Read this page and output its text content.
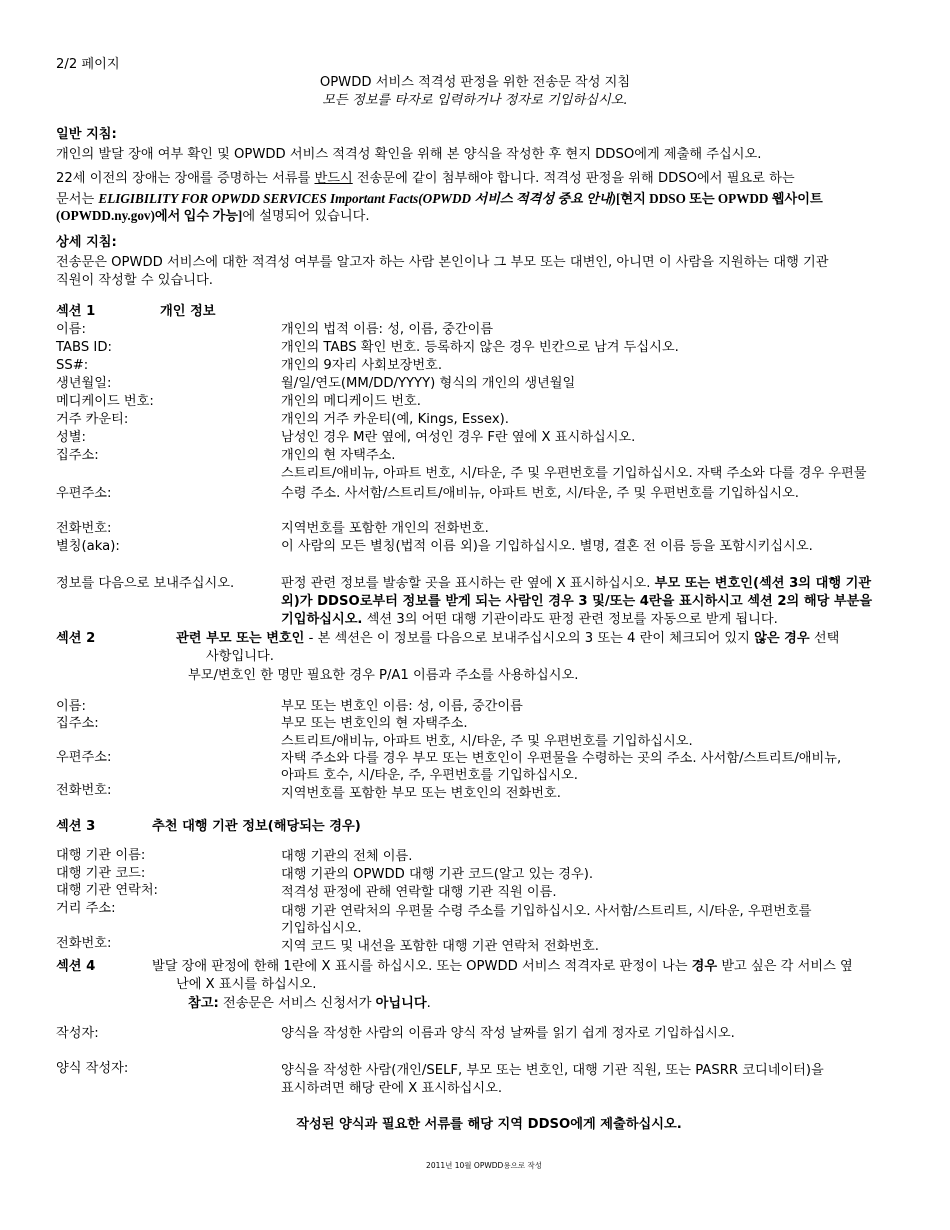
2/2 페이지
OPWDD 서비스 적격성 판정을 위한 전송문 작성 지침
모든 정보를 타자로 입력하거나 정자로 기입하십시오.
일반 지침:
개인의 발달 장애 여부 확인 및 OPWDD 서비스 적격성 확인을 위해 본 양식을 작성한 후 현지 DDSO에게 제출해 주십시오.
22세 이전의 장애는 장애를 증명하는 서류를 반드시 전송문에 같이 첨부해야 합니다. 적격성 판정을 위해 DDSO에서 필요로 하는
문서는 ELIGIBILITY FOR OPWDD SERVICES Important Facts(OPWDD 서비스 적격성 중요 안내)[현지 DDSO 또는 OPWDD 웹사이트
(OPWDD.ny.gov)에서 입수 가능]에 설명되어 있습니다.
상세 지침:
전송문은 OPWDD 서비스에 대한 적격성 여부를 알고자 하는 사람 본인이나 그 부모 또는 대변인, 아니면 이 사람을 지원하는 대행 기관
직원이 작성할 수 있습니다.
섹션 1	개인 정보
이름:	개인의 법적 이름: 성, 이름, 중간이름
TABS ID:	개인의 TABS 확인 번호. 등록하지 않은 경우 빈칸으로 남겨 두십시오.
SS#:	개인의 9자리 사회보장번호.
생년월일:	월/일/연도(MM/DD/YYYY) 형식의 개인의 생년월일
메디케이드 번호:	개인의 메디케이드 번호.
거주 카운티:	개인의 거주 카운티(예, Kings, Essex).
성별:	남성인 경우 M란 옆에, 여성인 경우 F란 옆에 X 표시하십시오.
집주소:	개인의 현 자택주소.
스트리트/애비뉴, 아파트 번호, 시/타운, 주 및 우편번호를 기입하십시오. 자택 주소와 다를 경우 우편물
우편주소:	수령 주소. 사서함/스트리트/애비뉴, 아파트 번호, 시/타운, 주 및 우편번호를 기입하십시오.
전화번호:	지역번호를 포함한 개인의 전화번호.
별칭(aka):	이 사람의 모든 별칭(법적 이름 외)을 기입하십시오. 별명, 결혼 전 이름 등을 포함시키십시오.
정보를 다음으로 보내주십시오.	판정 관련 정보를 발송할 곳을 표시하는 란 옆에 X 표시하십시오. 부모 또는 변호인(섹션 3의 대행 기관
외)가 DDSO로부터 정보를 받게 되는 사람인 경우 3 및/또는 4란을 표시하시고 섹션 2의 해당 부분을
기입하십시오. 섹션 3의 어떤 대행 기관이라도 판정 관련 정보를 자동으로 받게 됩니다.
섹션 2	관련 부모 또는 변호인 - 본 섹션은 이 정보를 다음으로 보내주십시오의 3 또는 4 란이 체크되어 있지 않은 경우 선택
사항입니다.
부모/변호인 한 명만 필요한 경우 P/A1 이름과 주소를 사용하십시오.
이름:	부모 또는 변호인 이름: 성, 이름, 중간이름
집주소:	부모 또는 변호인의 현 자택주소.
스트리트/애비뉴, 아파트 번호, 시/타운, 주 및 우편번호를 기입하십시오.
우편주소:	자택 주소와 다를 경우 부모 또는 변호인이 우편물을 수령하는 곳의 주소. 사서함/스트리트/애비뉴,
아파트 호수, 시/타운, 주, 우편번호를 기입하십시오.
전화번호:	지역번호를 포함한 부모 또는 변호인의 전화번호.
섹션 3	추천 대행 기관 정보(해당되는 경우)
대행 기관 이름:	대행 기관의 전체 이름.
대행 기관 코드:	대행 기관의 OPWDD 대행 기관 코드(알고 있는 경우).
대행 기관 연락처:	적격성 판정에 관해 연락할 대행 기관 직원 이름.
거리 주소:	대행 기관 연락처의 우편물 수령 주소를 기입하십시오. 사서함/스트리트, 시/타운, 우편번호를
기입하십시오.
전화번호:	지역 코드 및 내선을 포함한 대행 기관 연락처 전화번호.
섹션 4	발달 장애 판정에 한해 1란에 X 표시를 하십시오. 또는 OPWDD 서비스 적격자로 판정이 나는 경우 받고 싶은 각 서비스 옆
난에 X 표시를 하십시오.
참고: 전송문은 서비스 신청서가 아닙니다.
작성자:	양식을 작성한 사람의 이름과 양식 작성 날짜를 읽기 쉽게 정자로 기입하십시오.
양식 작성자:	양식을 작성한 사람(개인/SELF, 부모 또는 변호인, 대행 기관 직원, 또는 PASRR 코디네이터)을
표시하려면 해당 란에 X 표시하십시오.
작성된 양식과 필요한 서류를 해당 지역 DDSO에게 제출하십시오.
2011년 10월 OPWDD용으로 작성
